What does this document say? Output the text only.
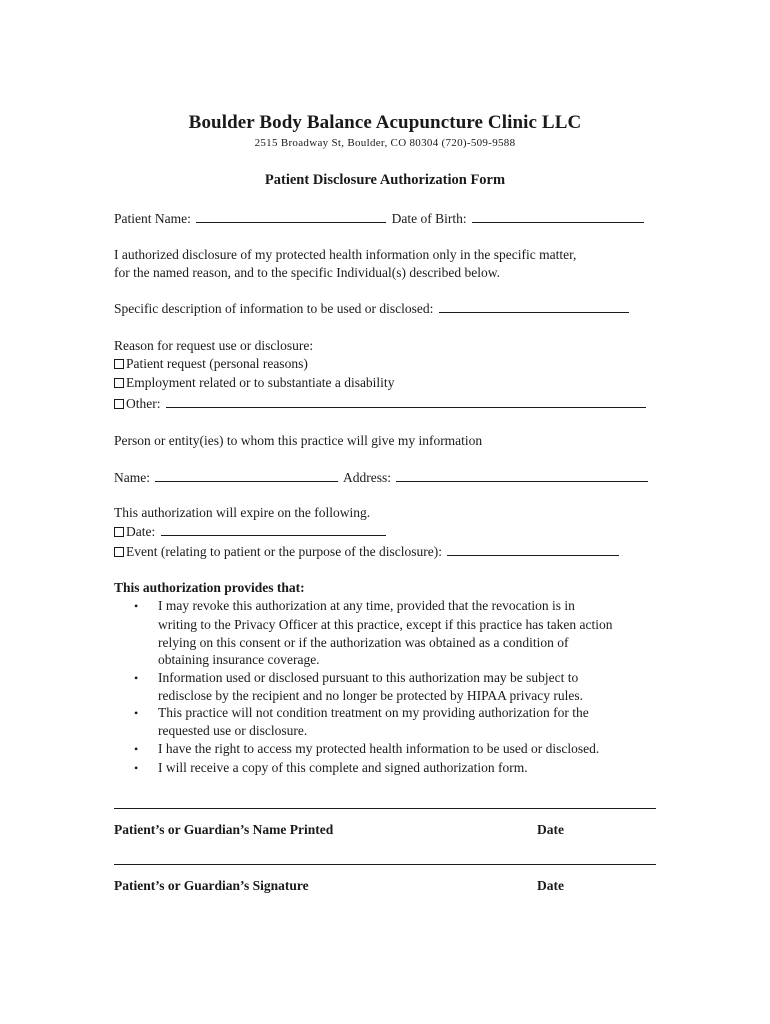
Boulder Body Balance Acupuncture Clinic LLC
2515 Broadway St, Boulder, CO 80304 (720)-509-9588
Patient Disclosure Authorization Form
Patient Name:	Date of Birth:
I authorized disclosure of my protected health information only in the specific matter,
for the named reason, and to the specific Individual(s) described below.
Specific description of information to be used or disclosed:
Reason for request use or disclosure:
Patient request (personal reasons)
Employment related or to substantiate a disability
Other:
Person or entity(ies) to whom this practice will give my information
Name:	Address:
This authorization will expire on the following.
Date:
Event (relating to patient or the purpose of the disclosure):
This authorization provides that:
• I may revoke this authorization at any time, provided that the revocation is in
writing to the Privacy Officer at this practice, except if this practice has taken action
relying on this consent or if the authorization was obtained as a condition of
obtaining insurance coverage.
• Information used or disclosed pursuant to this authorization may be subject to
redisclose by the recipient and no longer be protected by HIPAA privacy rules.
• This practice will not condition treatment on my providing authorization for the
requested use or disclosure.
• I have the right to access my protected health information to be used or disclosed.
• I will receive a copy of this complete and signed authorization form.
Patient’s or Guardian’s Name Printed	Date
Patient’s or Guardian’s Signature	Date
